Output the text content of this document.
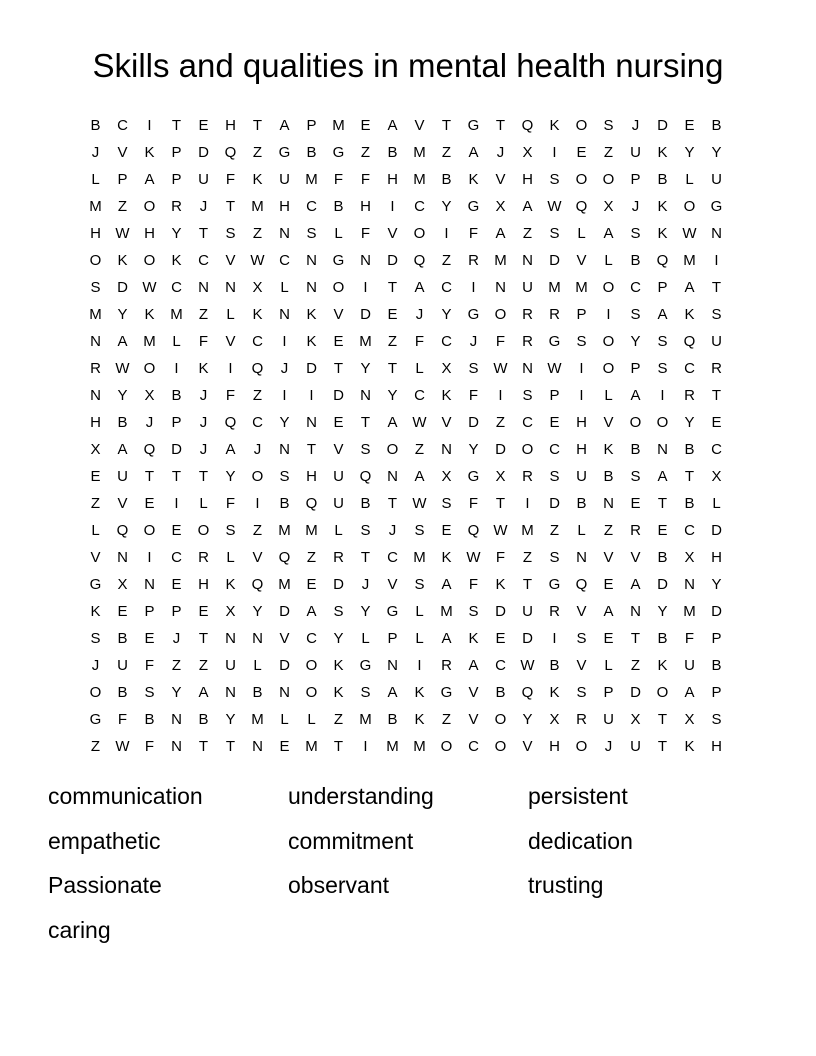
Skills and qualities in mental health nursing
B	C	I	T	E	H	T	A	P	M	E	A	V	T	G	T	Q	K	O	S	J	D	E	B
J	V	K	P	D	Q	Z	G	B	G	Z	B	M	Z	A	J	X	I	E	Z	U	K	Y	Y
L	P	A	P	U	F	K	U	M	F	F	H	M	B	K	V	H	S	O	O	P	B	L	U
M	Z	O	R	J	T	M	H	C	B	H	I	C	Y	G	X	A W Q	X	J	K	O	G
H W H	Y	T	S	Z	N	S	L	F	V	O	I	F	A	Z	S	L	A	S	K W N
O	K	O	K	C	V W C	N	G	N	D	Q	Z	R	M	N	D	V	L	B	Q M	I
S	D W C	N	N	X	L	N	O	I	T	A	C	I	N	U	M M O	C	P	A	T
M	Y	K	M	Z	L	K	N	K	V	D	E	J	Y	G	O	R	R	P	I	S	A	K	S
N	A	M	L	F	V	C	I	K	E	M	Z	F	C	J	F	R	G	S	O	Y	S	Q	U
R W O	I	K	I	Q	J	D	T	Y	T	L	X	S W N W	I	O	P	S	C	R
N	Y	X	B	J	F	Z	I	I	D	N	Y	C	K	F	I	S	P	I	L	A	I	R	T
H	B	J	P	J	Q	C	Y	N	E	T	A W V	D	Z	C	E	H	V	O	O	Y	E
X	A	Q	D	J	A	J	N	T	V	S	O	Z	N	Y	D	O	C	H	K	B	N	B	C
E	U	T	T	T	Y	O	S	H	U	Q	N	A	X	G	X	R	S	U	B	S	A	T	X
Z	V	E	I	L	F	I	B	Q	U	B	T	W S	F	T	I	D	B	N	E	T	B	L
L	Q	O	E	O	S	Z	M M	L	S	J	S	E	Q W M	Z	L	Z	R	E	C	D
V	N	I	C	R	L	V	Q	Z	R	T	C	M	K W	F	Z	S	N	V	V	B	X	H
G	X	N	E	H	K	Q M	E	D	J	V	S	A	F	K	T	G	Q	E	A	D	N	Y
K	E	P	P	E	X	Y	D	A	S	Y	G	L	M	S	D	U	R	V	A	N	Y	M	D
S	B	E	J	T	N	N	V	C	Y	L	P	L	A	K	E	D	I	S	E	T	B	F	P
J	U	F	Z	Z	U	L	D	O	K	G	N	I	R	A	C W B	V	L	Z	K	U	B
O	B	S	Y	A	N	B	N	O	K	S	A	K	G	V	B	Q	K	S	P	D	O	A	P
G	F	B	N	B	Y	M	L	L	Z	M	B	K	Z	V	O	Y	X	R	U	X	T	X	S
Z	W	F	N	T	T	N	E	M	T	I	M M O	C	O	V	H	O	J	U	T	K	H
communication	understanding	persistent
empathetic	commitment	dedication
Passionate	observant	trusting
caring
